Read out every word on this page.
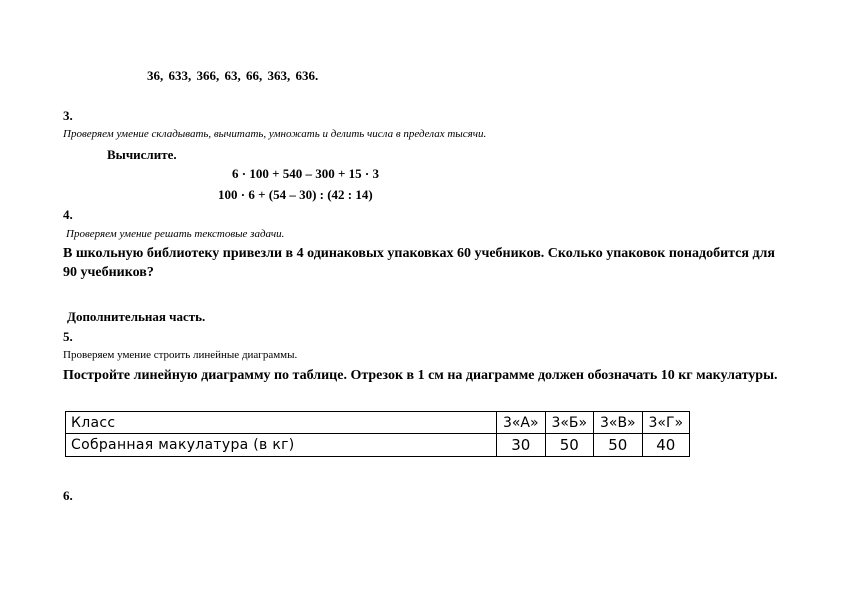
36, 633, 366, 63, 66, 363, 636.
3.
Проверяем умение складывать, вычитать, умножать и делить числа в пределах тысячи.
Вычислите.
6 · 100 + 540 – 300 + 15 · 3
100 · 6 + (54 – 30) : (42 : 14)
4.
Проверяем умение решать текстовые задачи.
В школьную библиотеку привезли в 4 одинаковых упаковках 60 учебников. Сколько упаковок понадобится для 90 учебников?
Дополнительная часть.
5.
Проверяем умение строить линейные диаграммы.
Постройте линейную диаграмму по таблице. Отрезок в 1 см на диаграмме должен обозначать 10 кг макулатуры.
Класс	3«А»	3«Б»	3«В»	3«Г»
Собранная макулатура (в кг)	30	50	50	40
6.
